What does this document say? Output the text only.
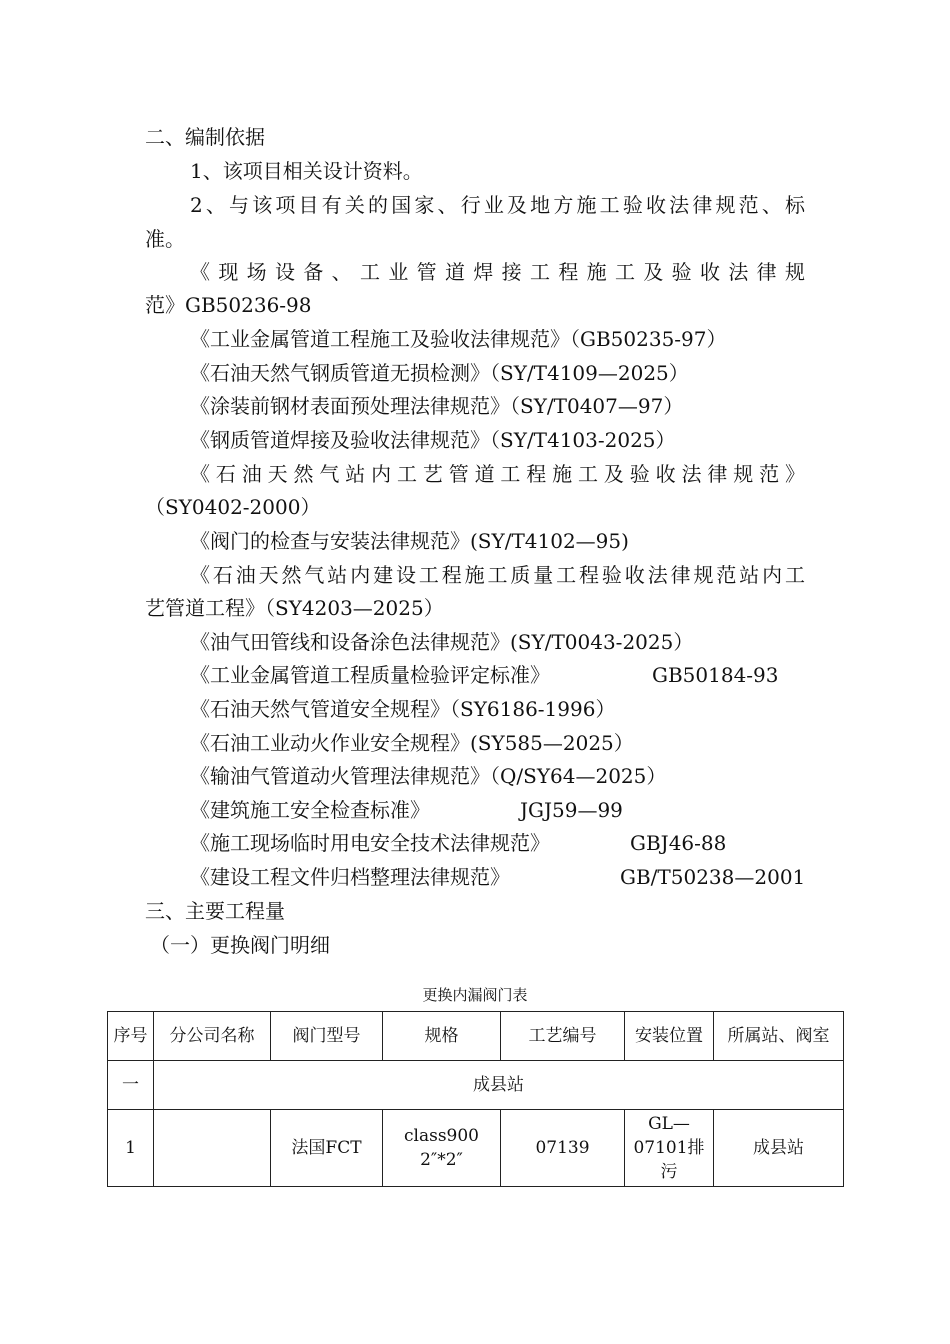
二、编制依据
1、该项目相关设计资料。
2、与该项目有关的国家、行业及地方施工验收法律规范、标
准。
《现场设备、工业管道焊接工程施工及验收法律规
范》GB50236-98
《工业金属管道工程施工及验收法律规范》（GB50235-97）
《石油天然气钢质管道无损检测》（SY/T4109—2025）
《涂装前钢材表面预处理法律规范》（SY/T0407—97）
《钢质管道焊接及验收法律规范》（SY/T4103-2025）
《石油天然气站内工艺管道工程施工及验收法律规范》
（SY0402-2000）
《阀门的检查与安装法律规范》(SY/T4102—95)
《石油天然气站内建设工程施工质量工程验收法律规范站内工
艺管道工程》（SY4203—2025）
《油气田管线和设备涂色法律规范》(SY/T0043-2025）
《工业金属管道工程质量检验评定标准》	GB50184-93
《石油天然气管道安全规程》（SY6186-1996）
《石油工业动火作业安全规程》(SY585—2025）
《输油气管道动火管理法律规范》（Q/SY64—2025）
《建筑施工安全检查标准》	JGJ59—99
《施工现场临时用电安全技术法律规范》	GBJ46-88
《建设工程文件归档整理法律规范》	GB/T50238—2001
三、主要工程量
（一）更换阀门明细
更换内漏阀门表
序号	分公司名称	阀门型号	规格	工艺编号	安装位置	所属站、阀室
一	成县站					
1		法国FCT	class900 2″*2″	07139	GL—07101排污	成县站
